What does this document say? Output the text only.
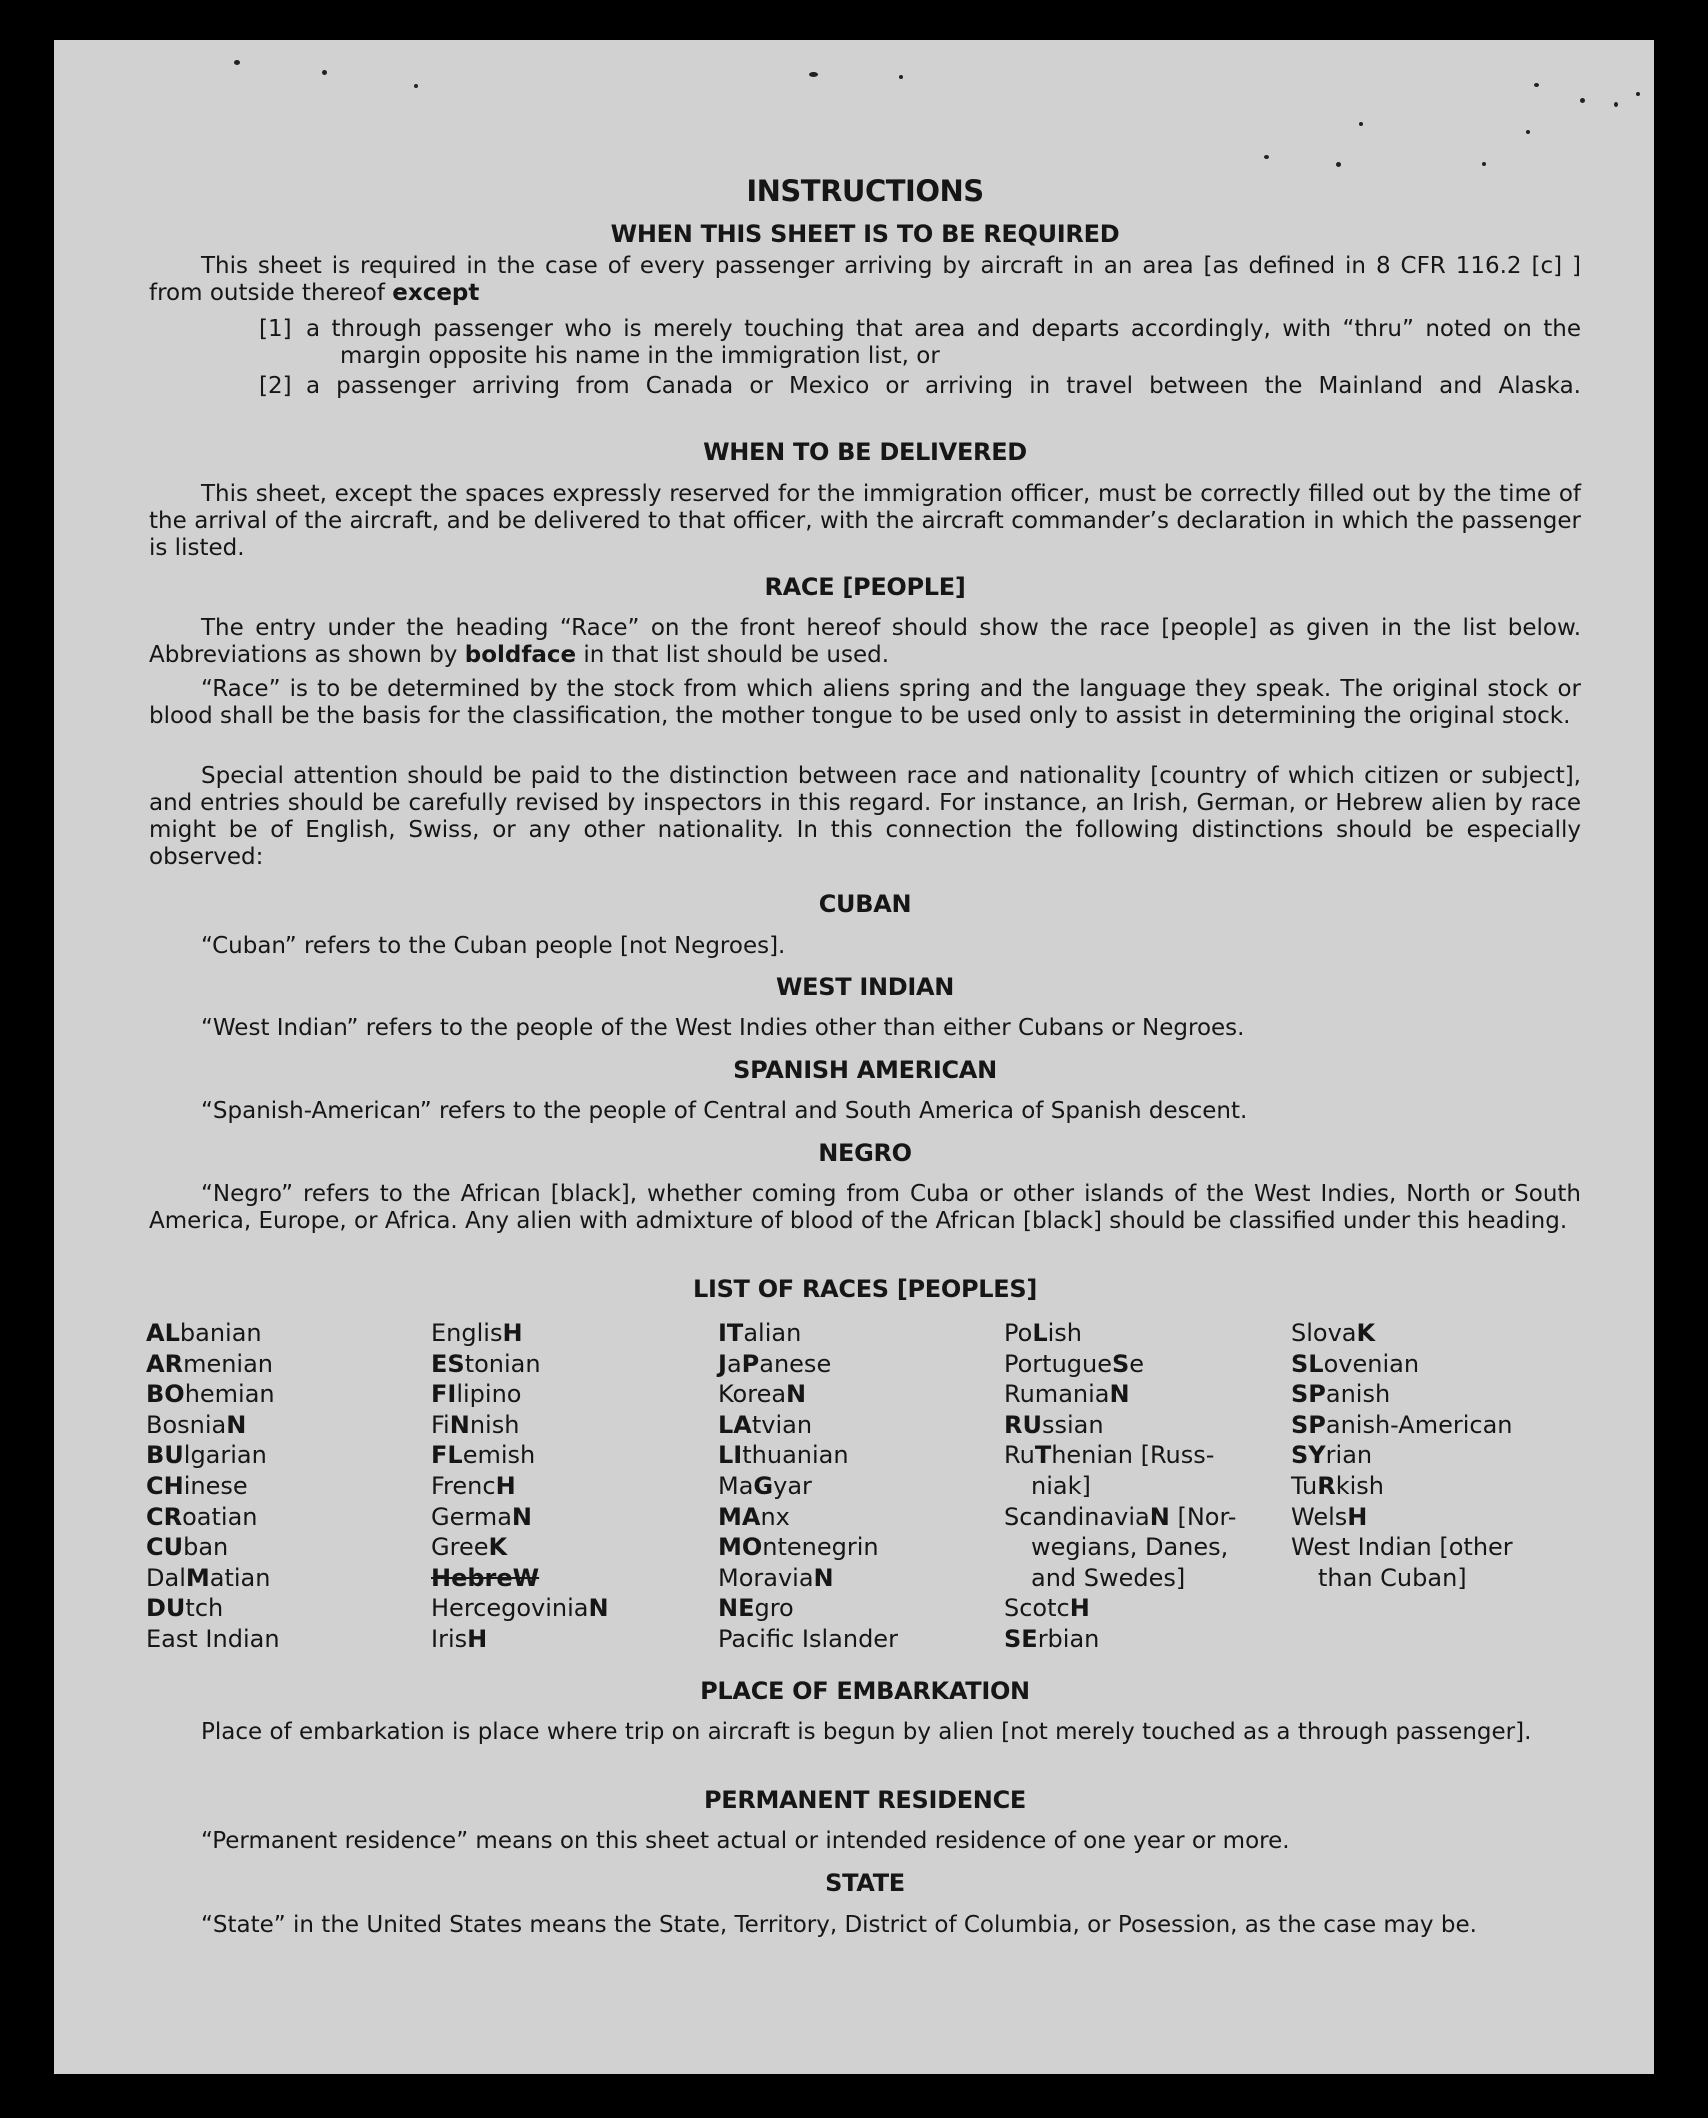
INSTRUCTIONS
WHEN THIS SHEET IS TO BE REQUIRED

This sheet is required in the case of every passenger arriving by aircraft in an area [as defined in 8 CFR 116.2 [c] ]

from outside thereof except

[1] a through passenger who is merely touching that area and departs accordingly, with “thru” noted on the
margin opposite his name in the immigration list, or
[2] a passenger arriving from Canada or Mexico or arriving in travel between the Mainland and Alaska.
WHEN TO BE DELIVERED

This sheet, except the spaces expressly reserved for the immigration officer, must be correctly filled out by the time of the arrival of the aircraft, and be delivered to that officer, with the aircraft commander’s declaration in which the passenger is listed.

RACE [PEOPLE]

The entry under the heading “Race” on the front hereof should show the race [people] as given in the list below. Abbreviations as shown by boldface in that list should be used.

“Race” is to be determined by the stock from which aliens spring and the language they speak. The original stock or blood shall be the basis for the classification, the mother tongue to be used only to assist in determining the original stock.

Special attention should be paid to the distinction between race and nationality [country of which citizen or subject], and entries should be carefully revised by inspectors in this regard. For instance, an Irish, German, or Hebrew alien by race might be of English, Swiss, or any other nationality. In this connection the following distinctions should be especially observed:

CUBAN

“Cuban” refers to the Cuban people [not Negroes].

WEST INDIAN

“West Indian” refers to the people of the West Indies other than either Cubans or Negroes.

SPANISH AMERICAN

“Spanish-American” refers to the people of Central and South America of Spanish descent.

NEGRO

“Negro” refers to the African [black], whether coming from Cuba or other islands of the West Indies, North or South America, Europe, or Africa. Any alien with admixture of blood of the African [black] should be classified under this heading.

LIST OF RACES [PEOPLES]
ALbanian
ARmenian
BOhemian
BosniaN
BUlgarian
CHinese
CRoatian
CUban
DalMatian
DUtch
East Indian
EnglisH
EStonian
FIlipino
FiNnish
FLemish
FrencH
GermaN
GreeK
HebreW
HercegoviniaN
IrisH
ITalian
JaPanese
KoreaN
LAtvian
LIthuanian
MaGyar
MAnx
MOntenegrin
MoraviaN
NEgro
Pacific Islander
PoLish
PortugueSe
RumaniaN
RUssian
RuThenian [Russ-
niak]
ScandinaviaN [Nor-
wegians, Danes,
and Swedes]
ScotcH
SErbian
SlovaK
SLovenian
SPanish
SPanish-American
SYrian
TuRkish
WelsH
West Indian [other
than Cuban]
PLACE OF EMBARKATION

Place of embarkation is place where trip on aircraft is begun by alien [not merely touched as a through passenger].

PERMANENT RESIDENCE

“Permanent residence” means on this sheet actual or intended residence of one year or more.

STATE

“State” in the United States means the State, Territory, District of Columbia, or Posession, as the case may be.
